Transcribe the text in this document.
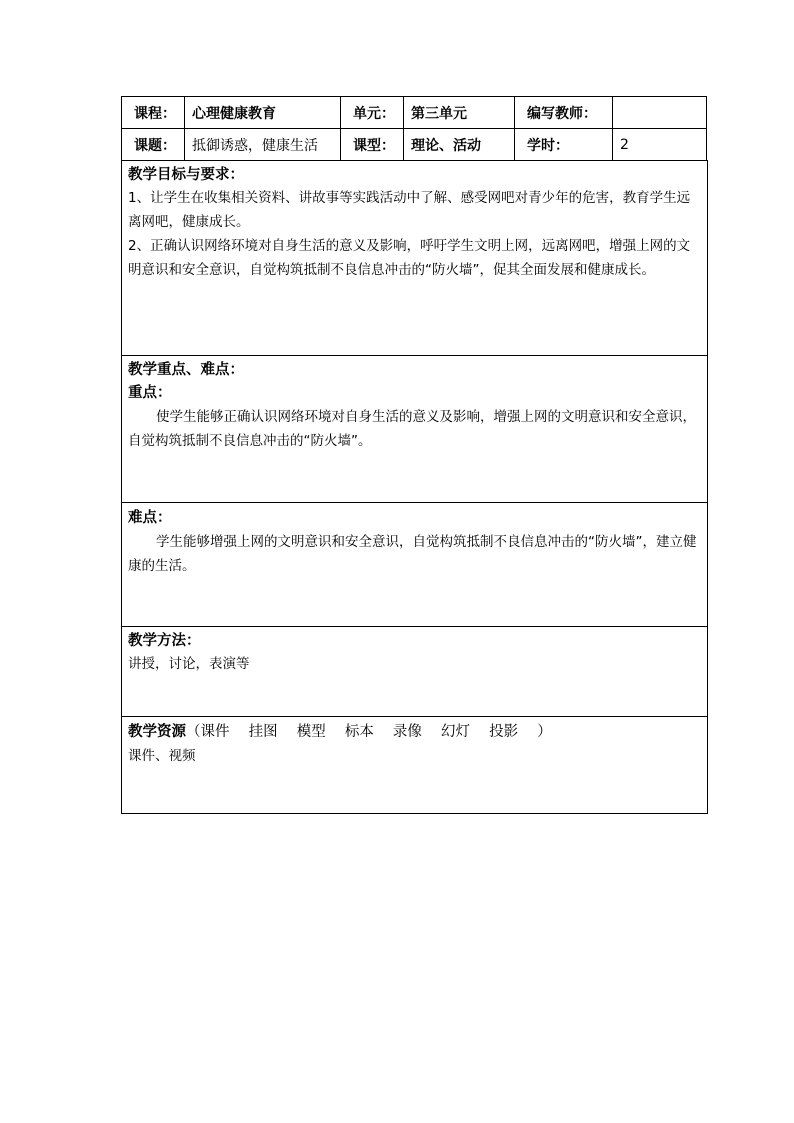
课程：	心理健康教育	单元：	第三单元	编写教师：	
课题：	抵御诱惑，健康生活	课型：	理论、活动	学时：	2
教学目标与要求：

1、让学生在收集相关资料、讲故事等实践活动中了解、感受网吧对青少年的危害，教育学生远离网吧，健康成长。

2、正确认识网络环境对自身生活的意义及影响，呼吁学生文明上网，远离网吧，增强上网的文明意识和安全意识，自觉构筑抵制不良信息冲击的“防火墙”，促其全面发展和健康成长。

教学重点、难点：
重点：

使学生能够正确认识网络环境对自身生活的意义及影响，增强上网的文明意识和安全意识，自觉构筑抵制不良信息冲击的“防火墙”。

难点：

学生能够增强上网的文明意识和安全意识，自觉构筑抵制不良信息冲击的“防火墙”，建立健康的生活。

教学方法：

讲授，讨论，表演等

教学资源（课件　 挂图　 模型　 标本　 录像　 幻灯　 投影　 ）

课件、视频
